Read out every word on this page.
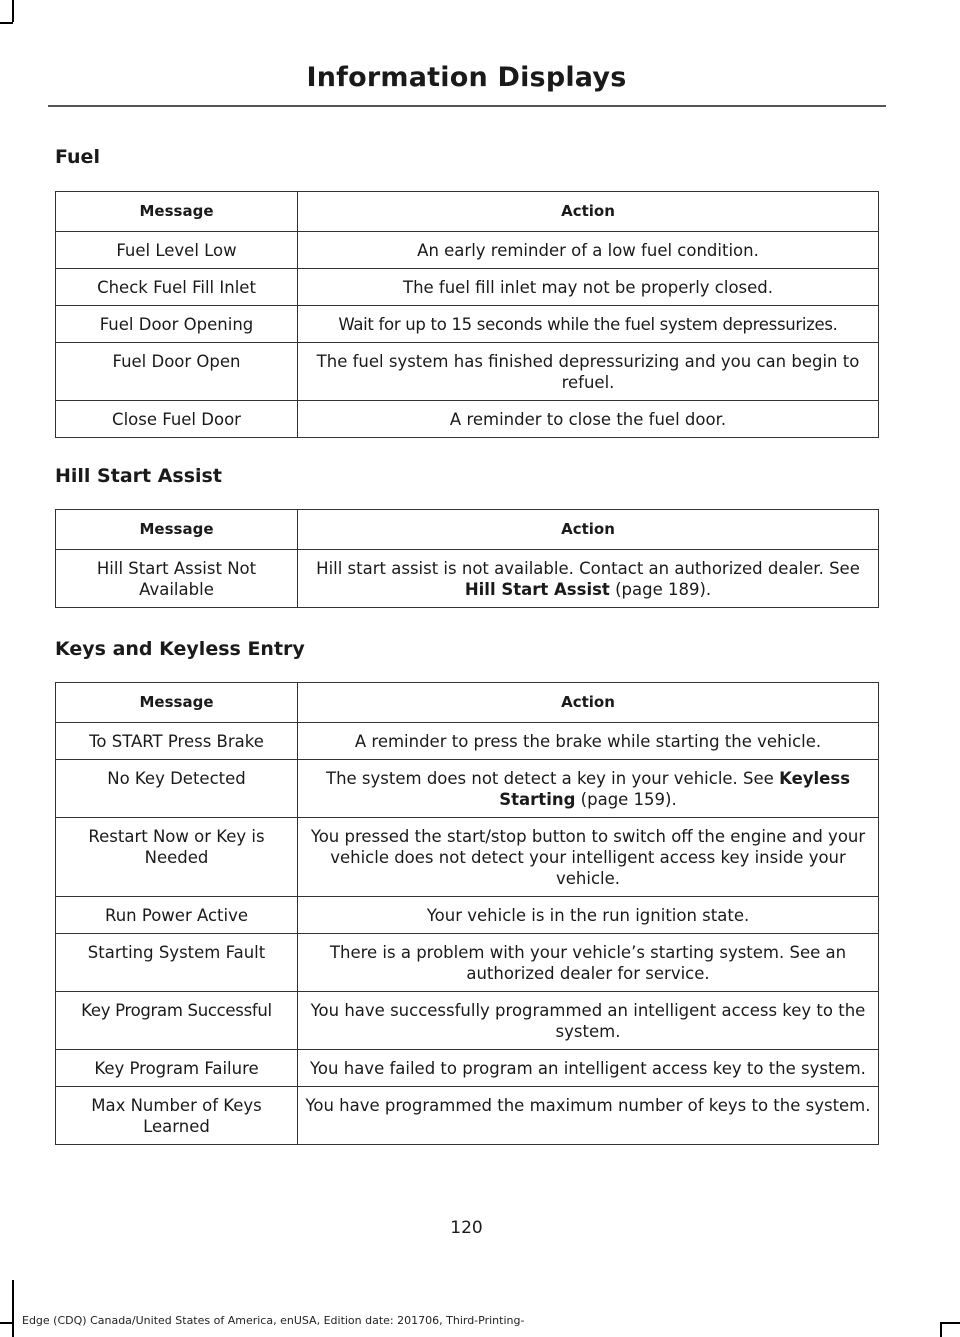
Information Displays
Fuel
Message	Action
Fuel Level Low	An early reminder of a low fuel condition.
Check Fuel Fill Inlet	The fuel fill inlet may not be properly closed.
Fuel Door Opening	Wait for up to 15 seconds while the fuel system depressurizes.
Fuel Door Open	The fuel system has finished depressurizing and you can begin to refuel.
Close Fuel Door	A reminder to close the fuel door.
Hill Start Assist
Message	Action
Hill Start Assist Not Available	Hill start assist is not available. Contact an authorized dealer. See Hill Start Assist (page 189).
Keys and Keyless Entry
Message	Action
To START Press Brake	A reminder to press the brake while starting the vehicle.
No Key Detected	The system does not detect a key in your vehicle. See Keyless Starting (page 159).
Restart Now or Key is Needed	You pressed the start/stop button to switch off the engine and your vehicle does not detect your intelligent access key inside your vehicle.
Run Power Active	Your vehicle is in the run ignition state.
Starting System Fault	There is a problem with your vehicle’s starting system. See an authorized dealer for service.
Key Program Successful	You have successfully programmed an intelligent access key to the system.
Key Program Failure	You have failed to program an intelligent access key to the system.
Max Number of Keys Learned	You have programmed the maximum number of keys to the system.
120
Edge (CDQ) Canada/United States of America, enUSA, Edition date: 201706, Third-Printing-
